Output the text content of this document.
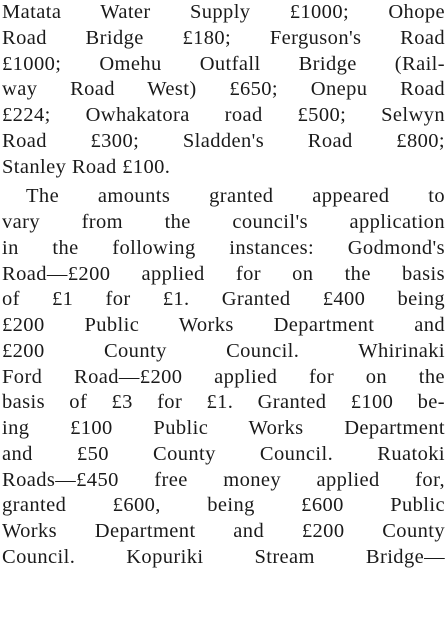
Matata Water Supply £1000; Ohope
Road Bridge £180; Ferguson's Road
£1000; Omehu Outfall Bridge (Rail-
way Road West) £650; Onepu Road
£224; Owhakatora road £500; Selwyn
Road £300; Sladden's Road £800;
Stanley Road £100.
The amounts granted appeared to
vary from the council's application
in the following instances: Godmond's
Road—£200 applied for on the basis
of £1 for £1. Granted £400 being
£200 Public Works Department and
£200 County Council. Whirinaki
Ford Road—£200 applied for on the
basis of £3 for £1. Granted £100 be-
ing £100 Public Works Department
and £50 County Council. Ruatoki
Roads—£450 free money applied for,
granted £600, being £600 Public
Works Department and £200 County
Council. Kopuriki Stream Bridge—
